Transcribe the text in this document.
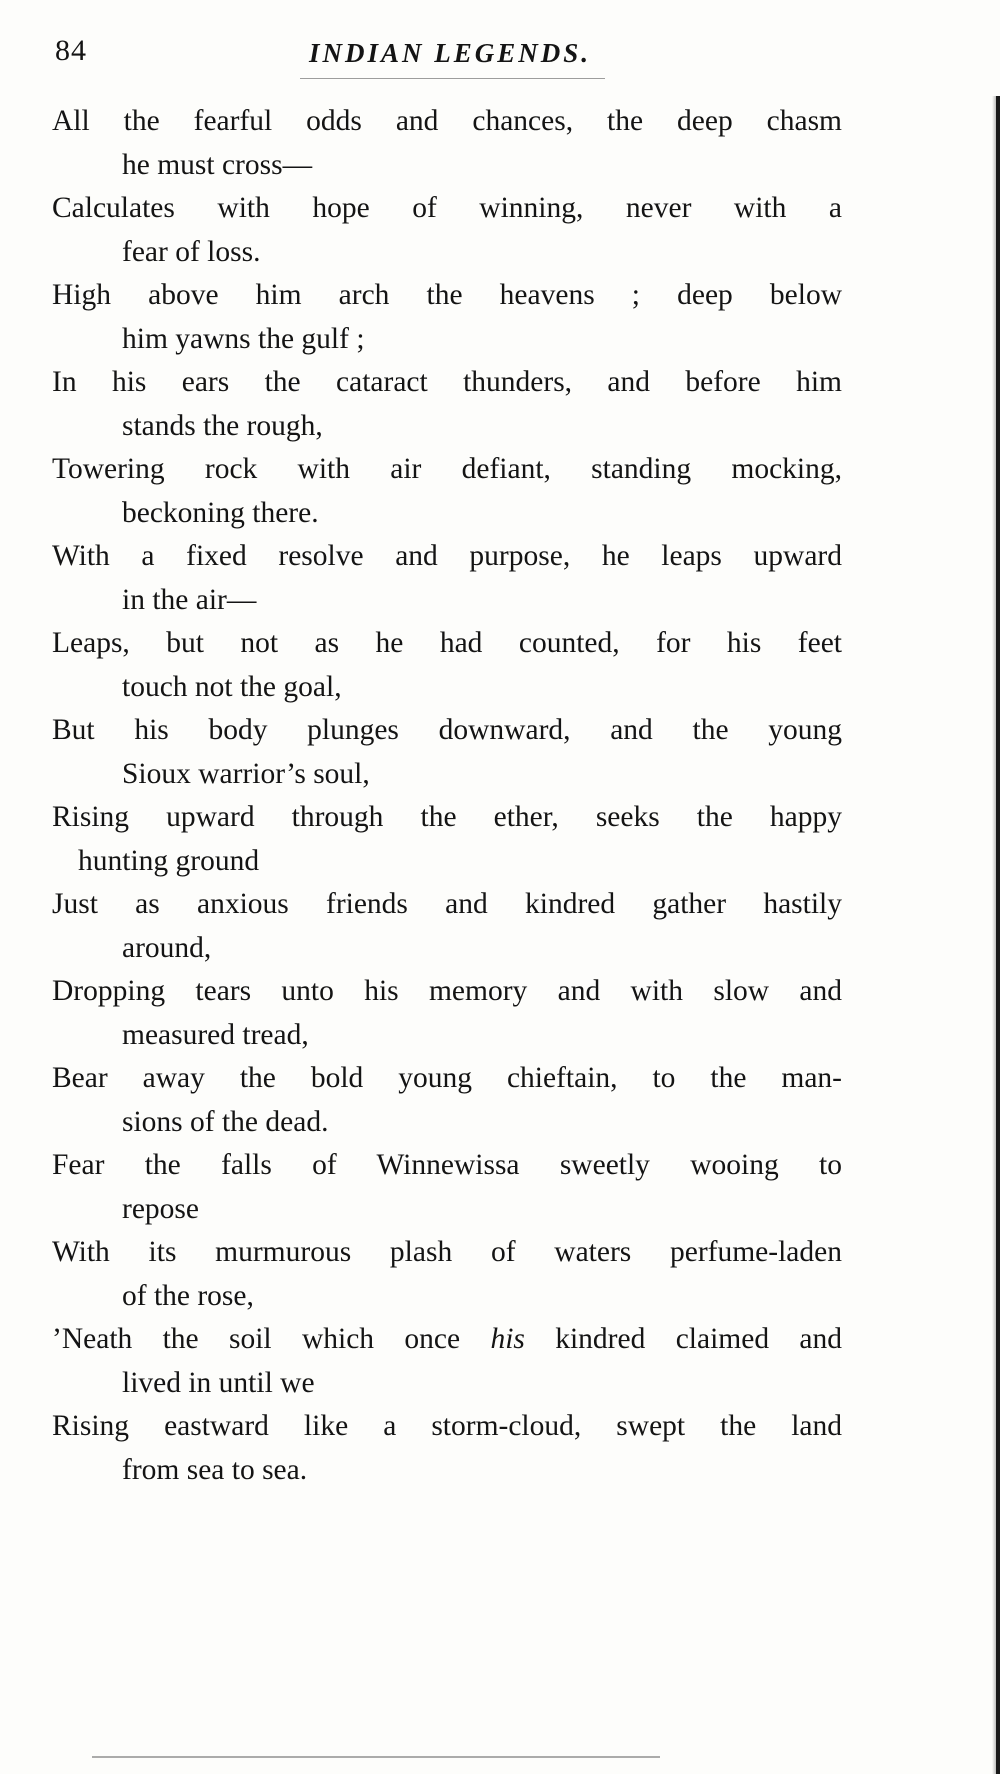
84	INDIAN LEGENDS.
All the fearful odds and chances, the deep chasm
he must cross—
Calculates with hope of winning, never with a
fear of loss.
High above him arch the heavens ; deep below
him yawns the gulf ;
In his ears the cataract thunders, and before him
stands the rough,
Towering rock with air defiant, standing mocking,
beckoning there.
With a fixed resolve and purpose, he leaps upward
in the air—
Leaps, but not as he had counted, for his feet
touch not the goal,
But his body plunges downward, and the young
Sioux warrior’s soul,
Rising upward through the ether, seeks the happy
hunting ground
Just as anxious friends and kindred gather hastily
around,
Dropping tears unto his memory and with slow and
measured tread,
Bear away the bold young chieftain, to the man-
sions of the dead.
Fear the falls of Winnewissa sweetly wooing to
repose
With its murmurous plash of waters perfume-laden
of the rose,
’Neath the soil which once his kindred claimed and
lived in until we
Rising eastward like a storm-cloud, swept the land
from sea to sea.
